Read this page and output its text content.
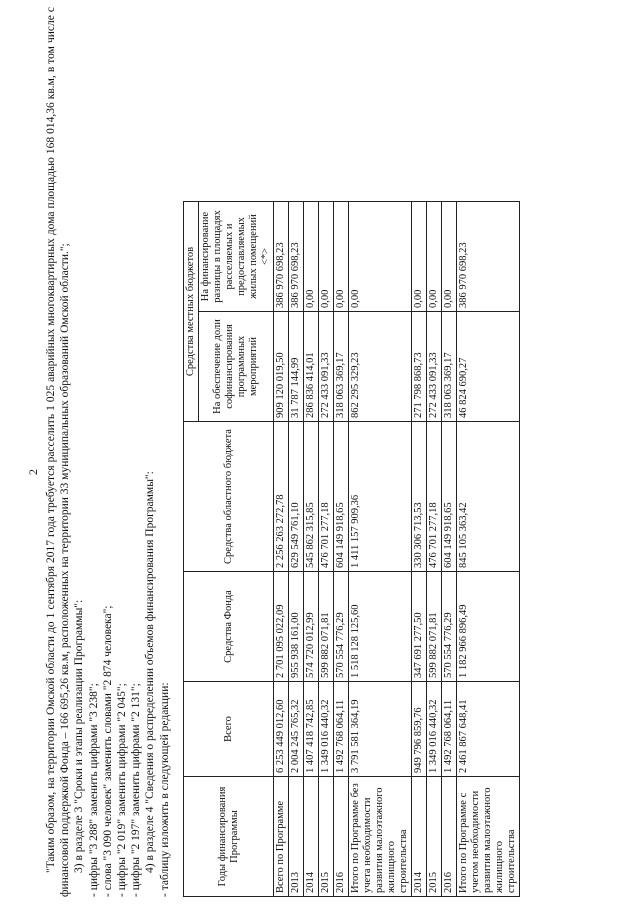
2 "Таким образом, на территории Омской области до 1 сентября 2017 года требуется расселить 1 025 аварийных многоквартирных дома площадью 168 014,36 кв.м, в том числе с финансовой поддержкой Фонда – 166 695,26 кв.м, расположенных на территории 33 муниципальных образований Омской области."; 3) в разделе 3 "Сроки и этапы реализации Программы": - цифры "3 288" заменить цифрами "3 238"; - слова "3 090 человек" заменить словами "2 874 человека"; - цифры "2 019" заменить цифрами "2 045"; - цифры "2 197" заменить цифрами "2 131"; 4) в разделе 4 "Сведения о распределении объемов финансирования Программы": - таблицу изложить в следующей редакции:	Годы финансирования Программы	Всего	Средства Фонда	Средства областного бюджета	Средства местных бюджетов	
				На обеспечение доли софинансирования программных мероприятий	На финансирование разницы в площадях расселяемых и предоставляемых жилых помещений <*>
Всего по Программе	6 253 449 012,60	2 701 095 022,09	2 256 263 272,78	909 120 019,50	386 970 698,23
2013	2 004 245 765,32	955 938 161,00	629 549 761,10	31 787 144,99	386 970 698,23
2014	1 407 418 742,85	574 720 012,99	545 862 315,85	286 836 414,01	0,00
2015	1 349 016 440,32	599 882 071,81	476 701 277,18	272 433 091,33	0,00
2016	1 492 768 064,11	570 554 776,29	604 149 918,65	318 063 369,17	0,00
Итого по Программе без учета необходимости развития малоэтажного жилищного строительства	3 791 581 364,19	1 518 128 125,60	1 411 157 909,36	862 295 329,23	0,00
2014	949 796 859,76	347 691 277,50	330 306 713,53	271 798 868,73	0,00
2015	1 349 016 440,32	599 882 071,81	476 701 277,18	272 433 091,33	0,00
2016	1 492 768 064,11	570 554 776,29	604 149 918,65	318 063 369,17	0,00
Итого по Программе с учетом необходимости развития малоэтажного жилищного строительства	2 461 867 648,41	1 182 966 896,49	845 105 363,42	46 824 690,27	386 970 698,23
